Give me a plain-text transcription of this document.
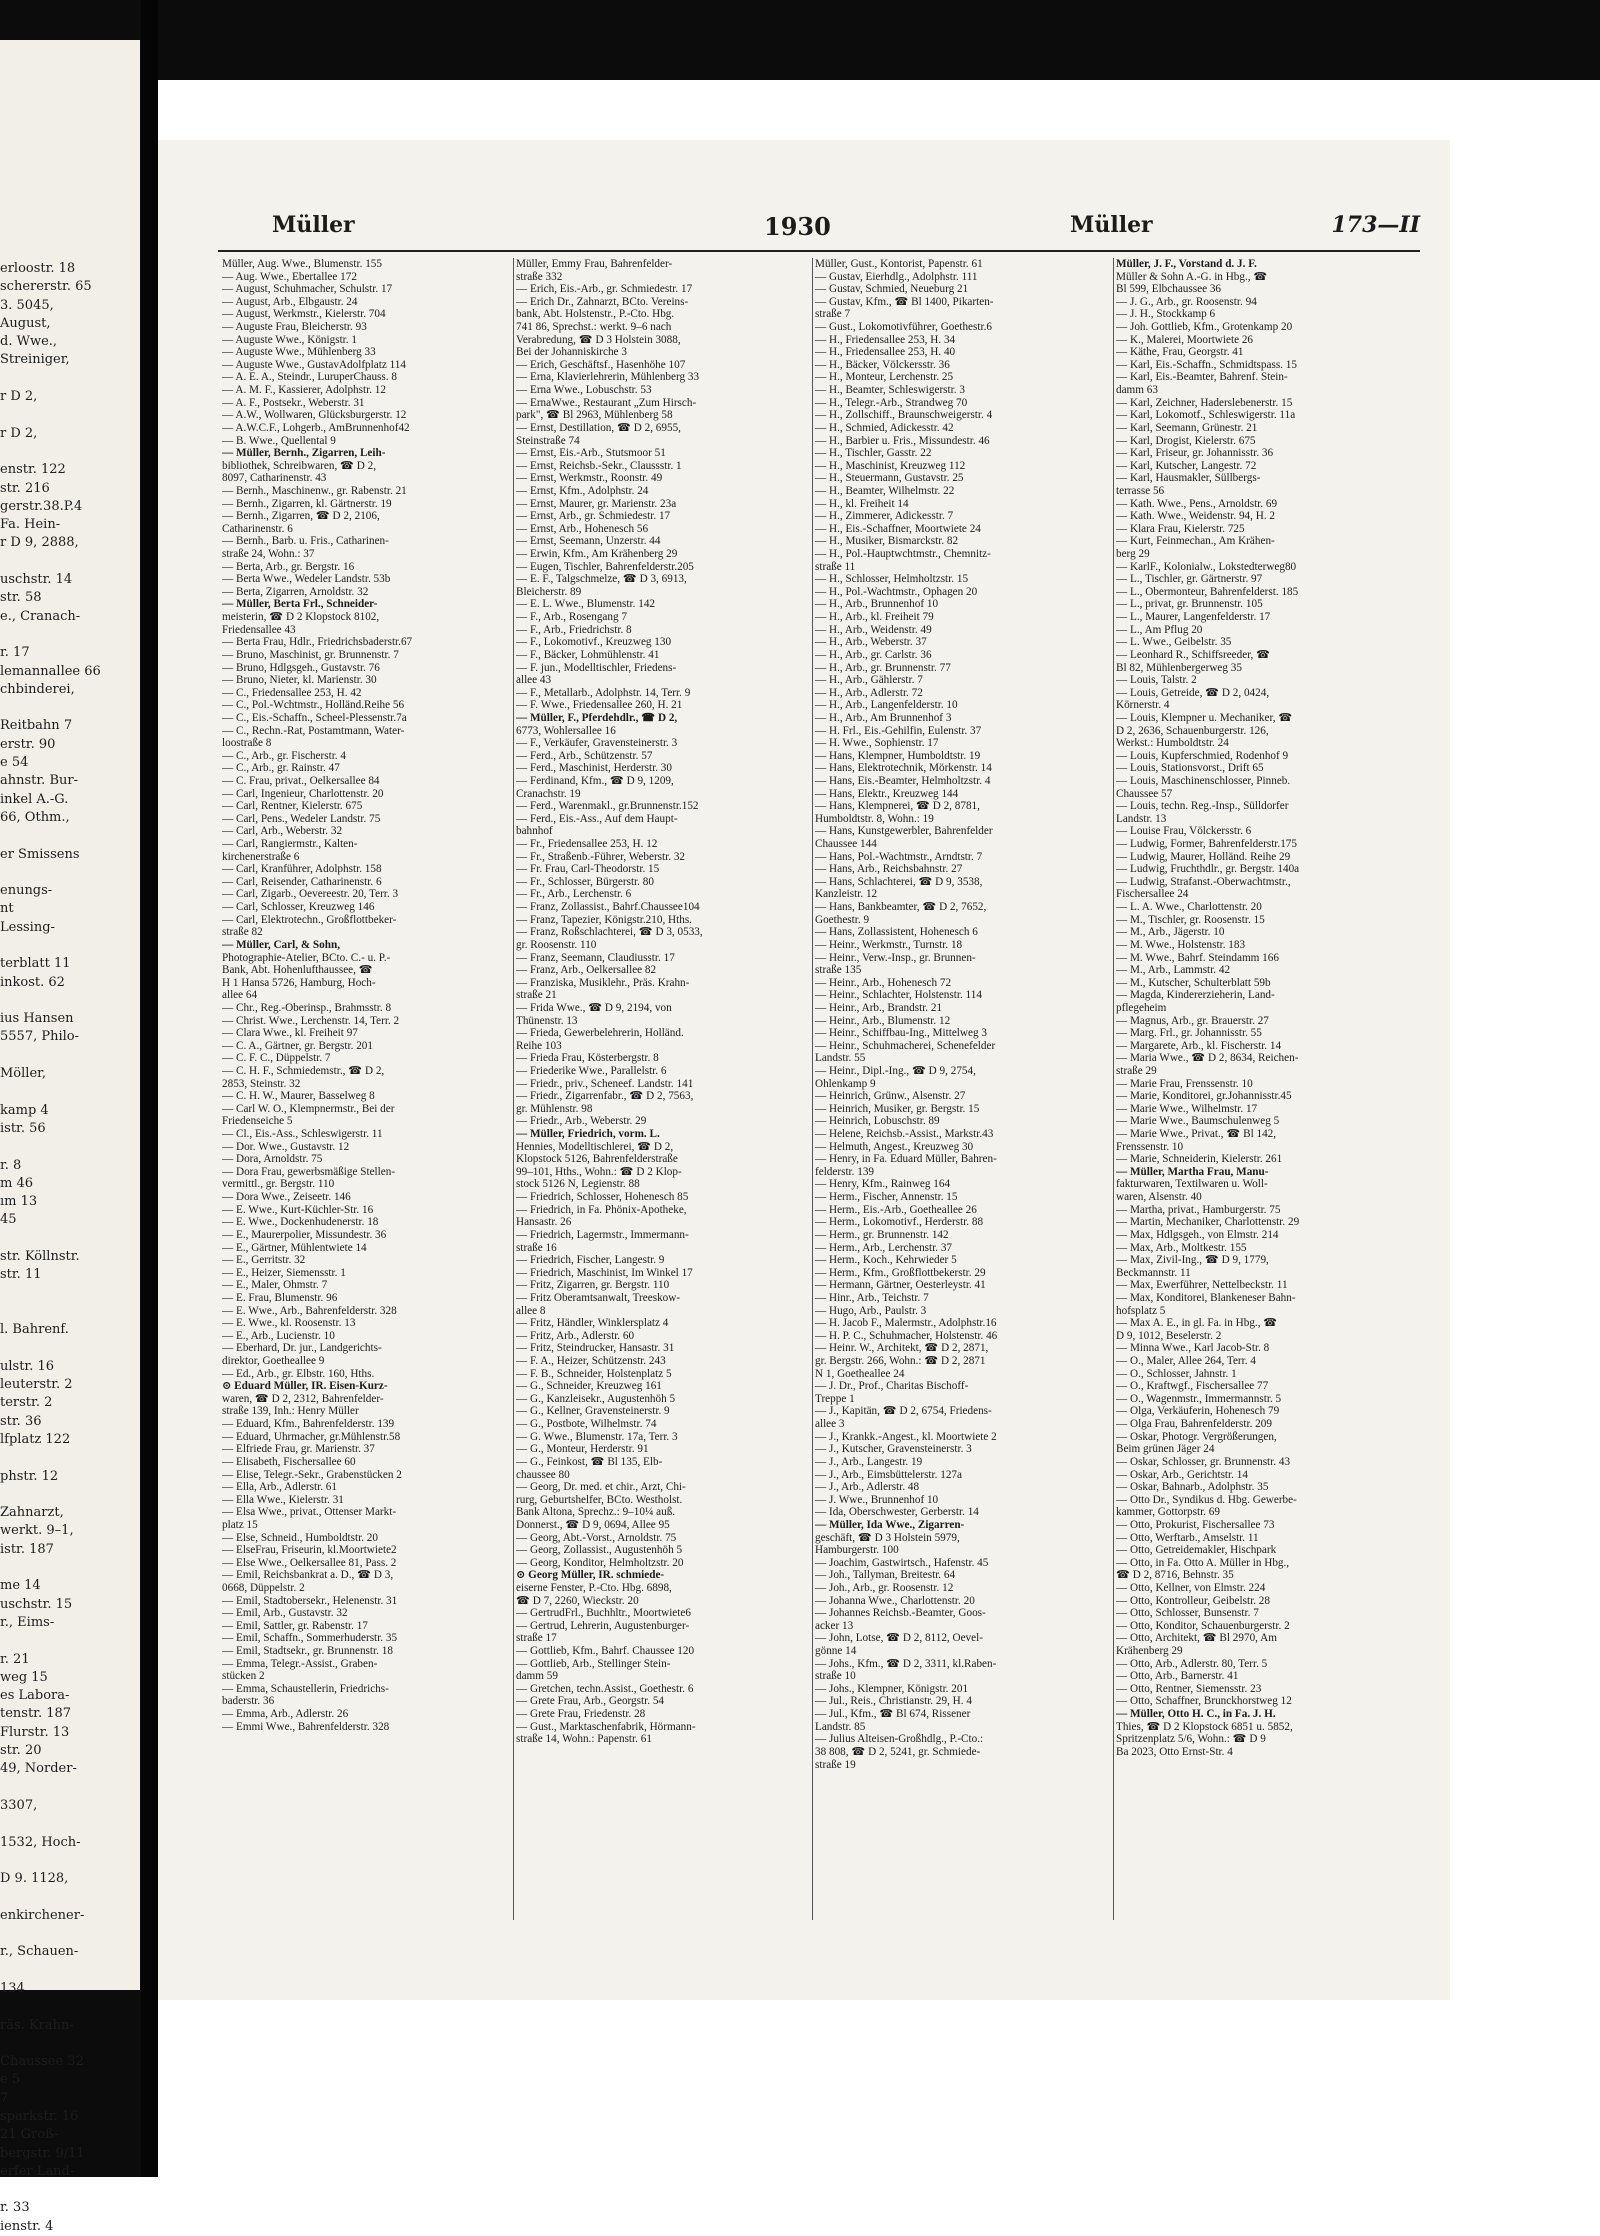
erloostr. 18
schererstr. 65
3. 5045,
August,
d. Wwe.,
Streiniger,
r D 2,
r D 2,
enstr. 122
str. 216
gerstr.38.P.4
Fa. Hein-
r D 9, 2888,
uschstr. 14
str. 58
e., Cranach-
r. 17
lemannallee 66
chbinderei,
Reitbahn 7
erstr. 90
e 54
ahnstr. Bur-
inkel A.-G.
66, Othm.,
er Smissens
enungs-
nt
Lessing-
terblatt 11
inkost. 62
ius Hansen
5557, Philo-
Möller,
kamp 4
istr. 56
r. 8
m 46
ım 13
45
str. Köllnstr.
str. 11
l. Bahrenf.
ulstr. 16
leuterstr. 2
terstr. 2
str. 36
lfplatz 122
phstr. 12
Zahnarzt,
werkt. 9–1,
istr. 187
me 14
uschstr. 15
r., Eims-
r. 21
weg 15
es Labora-
tenstr. 187
Flurstr. 13
str. 20
49, Norder-
3307,
1532, Hoch-
D 9. 1128,
enkirchener-
r., Schauen-
134
räs. Krahn-
Chaussee 32
e 5
7
sparkstr. 16
21 Groß-
bergstr. 9/11
erfer Land-
r. 33
ienstr. 4
Müller	1930	Müller	173—II
Müller, Aug. Wwe., Blumenstr. 155
— Aug. Wwe., Ebertallee 172
— August, Schuhmacher, Schulstr. 17
— August, Arb., Elbgaustr. 24
— August, Werkmstr., Kielerstr. 704
— Auguste Frau, Bleicherstr. 93
— Auguste Wwe., Königstr. 1
— Auguste Wwe., Mühlenberg 33
— Auguste Wwe., GustavAdolfplatz 114
— A. E. A., Steindr., LuruperChauss. 8
— A. M. F., Kassierer, Adolphstr. 12
— A. F., Postsekr., Weberstr. 31
— A.W., Wollwaren, Glücksburgerstr. 12
— A.W.C.F., Lohgerb., AmBrunnenhof42
— B. Wwe., Quellental 9
— Müller, Bernh., Zigarren, Leih-
bibliothek, Schreibwaren, ☎ D 2,
8097, Catharinenstr. 43
— Bernh., Maschinenw., gr. Rabenstr. 21
— Bernh., Zigarren, kl. Gärtnerstr. 19
— Bernh., Zigarren, ☎ D 2, 2106,
Catharinenstr. 6
— Bernh., Barb. u. Fris., Catharinen-
straße 24, Wohn.: 37
— Berta, Arb., gr. Bergstr. 16
— Berta Wwe., Wedeler Landstr. 53b
— Berta, Zigarren, Arnoldstr. 32
— Müller, Berta Frl., Schneider-
meisterin, ☎ D 2 Klopstock 8102,
Friedensallee 43
— Berta Frau, Hdlr., Friedrichsbaderstr.67
— Bruno, Maschinist, gr. Brunnenstr. 7
— Bruno, Hdlgsgeh., Gustavstr. 76
— Bruno, Nieter, kl. Marienstr. 30
— C., Friedensallee 253, H. 42
— C., Pol.-Wchtmstr., Holländ.Reihe 56
— C., Eis.-Schaffn., Scheel-Plessenstr.7a
— C., Rechn.-Rat, Postamtmann, Water-
loostraße 8
— C., Arb., gr. Fischerstr. 4
— C., Arb., gr. Rainstr. 47
— C. Frau, privat., Oelkersallee 84
— Carl, Ingenieur, Charlottenstr. 20
— Carl, Rentner, Kielerstr. 675
— Carl, Pens., Wedeler Landstr. 75
— Carl, Arb., Weberstr. 32
— Carl, Rangiermstr., Kalten-
kirchenerstraße 6
— Carl, Kranführer, Adolphstr. 158
— Carl, Reisender, Catharinenstr. 6
— Carl, Zigarb., Oevereestr. 20, Terr. 3
— Carl, Schlosser, Kreuzweg 146
— Carl, Elektrotechn., Großflottbeker-
straße 82
— Müller, Carl, & Sohn,
Photographie-Atelier, BCto. C.- u. P.-
Bank, Abt. Hohenlufthaussee, ☎
H 1 Hansa 5726, Hamburg, Hoch-
allee 64
— Chr., Reg.-Oberinsp., Brahmsstr. 8
— Christ. Wwe., Lerchenstr. 14, Terr. 2
— Clara Wwe., kl. Freiheit 97
— C. A., Gärtner, gr. Bergstr. 201
— C. F. C., Düppelstr. 7
— C. H. F., Schmiedemstr., ☎ D 2,
2853, Steinstr. 32
— C. H. W., Maurer, Basselweg 8
— Carl W. O., Klempnermstr., Bei der
Friedenseiche 5
— Cl., Eis.-Ass., Schleswigerstr. 11
— Dor. Wwe., Gustavstr. 12
— Dora, Arnoldstr. 75
— Dora Frau, gewerbsmäßige Stellen-
vermittl., gr. Bergstr. 110
— Dora Wwe., Zeiseetr. 146
— E. Wwe., Kurt-Küchler-Str. 16
— E. Wwe., Dockenhudenerstr. 18
— E., Maurerpolier, Missundestr. 36
— E., Gärtner, Mühlentwiete 14
— E., Gerritstr. 32
— E., Heizer, Siemensstr. 1
— E., Maler, Ohmstr. 7
— E. Frau, Blumenstr. 96
— E. Wwe., Arb., Bahrenfelderstr. 328
— E. Wwe., kl. Roosenstr. 13
— E., Arb., Lucienstr. 10
— Eberhard, Dr. jur., Landgerichts-
direktor, Goetheallee 9
— Ed., Arb., gr. Elbstr. 160, Hths.
⊙ Eduard Müller, IR. Eisen-Kurz-
waren, ☎ D 2, 2312, Bahrenfelder-
straße 139, Inh.: Henry Müller
— Eduard, Kfm., Bahrenfelderstr. 139
— Eduard, Uhrmacher, gr.Mühlenstr.58
— Elfriede Frau, gr. Marienstr. 37
— Elisabeth, Fischersallee 60
— Elise, Telegr.-Sekr., Grabenstücken 2
— Ella, Arb., Adlerstr. 61
— Ella Wwe., Kielerstr. 31
— Elsa Wwe., privat., Ottenser Markt-
platz 15
— Else, Schneid., Humboldtstr. 20
— ElseFrau, Friseurin, kl.Moortwiete2
— Else Wwe., Oelkersallee 81, Pass. 2
— Emil, Reichsbankrat a. D., ☎ D 3,
0668, Düppelstr. 2
— Emil, Stadtobersekr., Helenenstr. 31
— Emil, Arb., Gustavstr. 32
— Emil, Sattler, gr. Rabenstr. 17
— Emil, Schaffn., Sommerhuderstr. 35
— Emil, Stadtsekr., gr. Brunnenstr. 18
— Emma, Telegr.-Assist., Graben-
stücken 2
— Emma, Schaustellerin, Friedrichs-
baderstr. 36
— Emma, Arb., Adlerstr. 26
— Emmi Wwe., Bahrenfelderstr. 328
Müller, Emmy Frau, Bahrenfelder-
straße 332
— Erich, Eis.-Arb., gr. Schmiedestr. 17
— Erich Dr., Zahnarzt, BCto. Vereins-
bank, Abt. Holstenstr., P.-Cto. Hbg.
741 86, Sprechst.: werkt. 9–6 nach
Verabredung, ☎ D 3 Holstein 3088,
Bei der Johanniskirche 3
— Erich, Geschäftsf., Hasenhöhe 107
— Erna, Klavierlehrerin, Mühlenberg 33
— Erna Wwe., Lobuschstr. 53
— ErnaWwe., Restaurant „Zum Hirsch-
park", ☎ Bl 2963, Mühlenberg 58
— Ernst, Destillation, ☎ D 2, 6955,
Steinstraße 74
— Ernst, Eis.-Arb., Stutsmoor 51
— Ernst, Reichsb.-Sekr., Claussstr. 1
— Ernst, Werkmstr., Roonstr. 49
— Ernst, Kfm., Adolphstr. 24
— Ernst, Maurer, gr. Marienstr. 23a
— Ernst, Arb., gr. Schmiedestr. 17
— Ernst, Arb., Hohenesch 56
— Ernst, Seemann, Unzerstr. 44
— Erwin, Kfm., Am Krähenberg 29
— Eugen, Tischler, Bahrenfelderstr.205
— E. F., Talgschmelze, ☎ D 3, 6913,
Bleicherstr. 89
— E. L. Wwe., Blumenstr. 142
— F., Arb., Rosengang 7
— F., Arb., Friedrichstr. 8
— F., Lokomotivf., Kreuzweg 130
— F., Bäcker, Lohmühlenstr. 41
— F. jun., Modelltischler, Friedens-
allee 43
— F., Metallarb., Adolphstr. 14, Terr. 9
— F. Wwe., Friedensallee 260, H. 21
— Müller, F., Pferdehdlr., ☎ D 2,
6773, Wohlersallee 16
— F., Verkäufer, Gravensteinerstr. 3
— Ferd., Arb., Schützenstr. 57
— Ferd., Maschinist, Herderstr. 30
— Ferdinand, Kfm., ☎ D 9, 1209,
Cranachstr. 19
— Ferd., Warenmakl., gr.Brunnenstr.152
— Ferd., Eis.-Ass., Auf dem Haupt-
bahnhof
— Fr., Friedensallee 253, H. 12
— Fr., Straßenb.-Führer, Weberstr. 32
— Fr. Frau, Carl-Theodorstr. 15
— Fr., Schlosser, Bürgerstr. 80
— Fr., Arb., Lerchenstr. 6
— Franz, Zollassist., Bahrf.Chaussee104
— Franz, Tapezier, Königstr.210, Hths.
— Franz, Roßschlachterei, ☎ D 3, 0533,
gr. Roosenstr. 110
— Franz, Seemann, Claudiusstr. 17
— Franz, Arb., Oelkersallee 82
— Franziska, Musiklehr., Präs. Krahn-
straße 21
— Frida Wwe., ☎ D 9, 2194, von
Thünenstr. 13
— Frieda, Gewerbelehrerin, Holländ.
Reihe 103
— Frieda Frau, Kösterbergstr. 8
— Friederike Wwe., Parallelstr. 6
— Friedr., priv., Scheneef. Landstr. 141
— Friedr., Zigarrenfabr., ☎ D 2, 7563,
gr. Mühlenstr. 98
— Friedr., Arb., Weberstr. 29
— Müller, Friedrich, vorm. L.
Hennies, Modelltischlerei, ☎ D 2,
Klopstock 5126, Bahrenfelderstraße
99–101, Hths., Wohn.: ☎ D 2 Klop-
stock 5126 N, Legienstr. 88
— Friedrich, Schlosser, Hohenesch 85
— Friedrich, in Fa. Phönix-Apotheke,
Hansastr. 26
— Friedrich, Lagermstr., Immermann-
straße 16
— Friedrich, Fischer, Langestr. 9
— Friedrich, Maschinist, Im Winkel 17
— Fritz, Zigarren, gr. Bergstr. 110
— Fritz Oberamtsanwalt, Treeskow-
allee 8
— Fritz, Händler, Winklersplatz 4
— Fritz, Arb., Adlerstr. 60
— Fritz, Steindrucker, Hansastr. 31
— F. A., Heizer, Schützenstr. 243
— F. B., Schneider, Holstenplatz 5
— G., Schneider, Kreuzweg 161
— G., Kanzleisekr., Augustenhöh 5
— G., Kellner, Gravensteinerstr. 9
— G., Postbote, Wilhelmstr. 74
— G. Wwe., Blumenstr. 17a, Terr. 3
— G., Monteur, Herderstr. 91
— G., Feinkost, ☎ Bl 135, Elb-
chaussee 80
— Georg, Dr. med. et chir., Arzt, Chi-
rurg, Geburtshelfer, BCto. Westholst.
Bank Altona, Sprechz.: 9–10¼ auß.
Donnerst., ☎ D 9, 0694, Allee 95
— Georg, Abt.-Vorst., Arnoldstr. 75
— Georg, Zollassist., Augustenhöh 5
— Georg, Konditor, Helmholtzstr. 20
⊙ Georg Müller, IR. schmiede-
eiserne Fenster, P.-Cto. Hbg. 6898,
☎ D 7, 2260, Wieckstr. 20
— GertrudFrl., Buchhltr., Moortwiete6
— Gertrud, Lehrerin, Augustenburger-
straße 17
— Gottlieb, Kfm., Bahrf. Chaussee 120
— Gottlieb, Arb., Stellinger Stein-
damm 59
— Gretchen, techn.Assist., Goethestr. 6
— Grete Frau, Arb., Georgstr. 54
— Grete Frau, Friedenstr. 28
— Gust., Marktaschenfabrik, Hörmann-
straße 14, Wohn.: Papenstr. 61
Müller, Gust., Kontorist, Papenstr. 61
— Gustav, Eierhdlg., Adolphstr. 111
— Gustav, Schmied, Neueburg 21
— Gustav, Kfm., ☎ Bl 1400, Pikarten-
straße 7
— Gust., Lokomotivführer, Goethestr.6
— H., Friedensallee 253, H. 34
— H., Friedensallee 253, H. 40
— H., Bäcker, Völckersstr. 36
— H., Monteur, Lerchenstr. 25
— H., Beamter, Schleswigerstr. 3
— H., Telegr.-Arb., Strandweg 70
— H., Zollschiff., Braunschweigerstr. 4
— H., Schmied, Adickesstr. 42
— H., Barbier u. Fris., Missundestr. 46
— H., Tischler, Gasstr. 22
— H., Maschinist, Kreuzweg 112
— H., Steuermann, Gustavstr. 25
— H., Beamter, Wilhelmstr. 22
— H., kl. Freiheit 14
— H., Zimmerer, Adickesstr. 7
— H., Eis.-Schaffner, Moortwiete 24
— H., Musiker, Bismarckstr. 82
— H., Pol.-Hauptwchtmstr., Chemnitz-
straße 11
— H., Schlosser, Helmholtzstr. 15
— H., Pol.-Wachtmstr., Ophagen 20
— H., Arb., Brunnenhof 10
— H., Arb., kl. Freiheit 79
— H., Arb., Weidenstr. 49
— H., Arb., Weberstr. 37
— H., Arb., gr. Carlstr. 36
— H., Arb., gr. Brunnenstr. 77
— H., Arb., Gählerstr. 7
— H., Arb., Adlerstr. 72
— H., Arb., Langenfelderstr. 10
— H., Arb., Am Brunnenhof 3
— H. Frl., Eis.-Gehilfin, Eulenstr. 37
— H. Wwe., Sophienstr. 17
— Hans, Klempner, Humboldtstr. 19
— Hans, Elektrotechnik, Mörkenstr. 14
— Hans, Eis.-Beamter, Helmholtzstr. 4
— Hans, Elektr., Kreuzweg 144
— Hans, Klempnerei, ☎ D 2, 8781,
Humboldtstr. 8, Wohn.: 19
— Hans, Kunstgewerbler, Bahrenfelder
Chaussee 144
— Hans, Pol.-Wachtmstr., Arndtstr. 7
— Hans, Arb., Reichsbahnstr. 27
— Hans, Schlachterei, ☎ D 9, 3538,
Kanzleistr. 12
— Hans, Bankbeamter, ☎ D 2, 7652,
Goethestr. 9
— Hans, Zollassistent, Hohenesch 6
— Heinr., Werkmstr., Turnstr. 18
— Heinr., Verw.-Insp., gr. Brunnen-
straße 135
— Heinr., Arb., Hohenesch 72
— Heinr., Schlachter, Holstenstr. 114
— Heinr., Arb., Brandstr. 21
— Heinr., Arb., Blumenstr. 12
— Heinr., Schiffbau-Ing., Mittelweg 3
— Heinr., Schuhmacherei, Schenefelder
Landstr. 55
— Heinr., Dipl.-Ing., ☎ D 9, 2754,
Ohlenkamp 9
— Heinrich, Grünw., Alsenstr. 27
— Heinrich, Musiker, gr. Bergstr. 15
— Heinrich, Lobuschstr. 89
— Helene, Reichsb.-Assist., Markstr.43
— Helmuth, Angest., Kreuzweg 30
— Henry, in Fa. Eduard Müller, Bahren-
felderstr. 139
— Henry, Kfm., Rainweg 164
— Herm., Fischer, Annenstr. 15
— Herm., Eis.-Arb., Goetheallee 26
— Herm., Lokomotivf., Herderstr. 88
— Herm., gr. Brunnenstr. 142
— Herm., Arb., Lerchenstr. 37
— Herm., Koch., Kehrwieder 5
— Herm., Kfm., Großflottbekerstr. 29
— Hermann, Gärtner, Oesterleystr. 41
— Hinr., Arb., Teichstr. 7
— Hugo, Arb., Paulstr. 3
— H. Jacob F., Malermstr., Adolphstr.16
— H. P. C., Schuhmacher, Holstenstr. 46
— Heinr. W., Architekt, ☎ D 2, 2871,
gr. Bergstr. 266, Wohn.: ☎ D 2, 2871
N 1, Goetheallee 24
— J. Dr., Prof., Charitas Bischoff-
Treppe 1
— J., Kapitän, ☎ D 2, 6754, Friedens-
allee 3
— J., Krankk.-Angest., kl. Moortwiete 2
— J., Kutscher, Gravensteinerstr. 3
— J., Arb., Langestr. 19
— J., Arb., Eimsbüttelerstr. 127a
— J., Arb., Adlerstr. 48
— J. Wwe., Brunnenhof 10
— Ida, Oberschwester, Gerberstr. 14
— Müller, Ida Wwe., Zigarren-
geschäft, ☎ D 3 Holstein 5979,
Hamburgerstr. 100
— Joachim, Gastwirtsch., Hafenstr. 45
— Joh., Tallyman, Breitestr. 64
— Joh., Arb., gr. Roosenstr. 12
— Johanna Wwe., Charlottenstr. 20
— Johannes Reichsb.-Beamter, Goos-
acker 13
— John, Lotse, ☎ D 2, 8112, Oevel-
gönne 14
— Johs., Kfm., ☎ D 2, 3311, kl.Raben-
straße 10
— Johs., Klempner, Königstr. 201
— Jul., Reis., Christianstr. 29, H. 4
— Jul., Kfm., ☎ Bl 674, Rissener
Landstr. 85
— Julius Alteisen-Großhdlg., P.-Cto.:
38 808, ☎ D 2, 5241, gr. Schmiede-
straße 19
Müller, J. F., Vorstand d. J. F.
Müller & Sohn A.-G. in Hbg., ☎
Bl 599, Elbchaussee 36
— J. G., Arb., gr. Roosenstr. 94
— J. H., Stockkamp 6
— Joh. Gottlieb, Kfm., Grotenkamp 20
— K., Malerei, Moortwiete 26
— Käthe, Frau, Georgstr. 41
— Karl, Eis.-Schaffn., Schmidtspass. 15
— Karl, Eis.-Beamter, Bahrenf. Stein-
damm 63
— Karl, Zeichner, Haderslebenerstr. 15
— Karl, Lokomotf., Schleswigerstr. 11a
— Karl, Seemann, Grünestr. 21
— Karl, Drogist, Kielerstr. 675
— Karl, Friseur, gr. Johannisstr. 36
— Karl, Kutscher, Langestr. 72
— Karl, Hausmakler, Süllbergs-
terrasse 56
— Kath. Wwe., Pens., Arnoldstr. 69
— Kath. Wwe., Weidenstr. 94, H. 2
— Klara Frau, Kielerstr. 725
— Kurt, Feinmechan., Am Krähen-
berg 29
— KarlF., Kolonialw., Lokstedterweg80
— L., Tischler, gr. Gärtnerstr. 97
— L., Obermonteur, Bahrenfelderst. 185
— L., privat, gr. Brunnenstr. 105
— L., Maurer, Langenfelderstr. 17
— L., Am Pflug 20
— L. Wwe., Geibelstr. 35
— Leonhard R., Schiffsreeder, ☎
Bl 82, Mühlenbergerweg 35
— Louis, Talstr. 2
— Louis, Getreide, ☎ D 2, 0424,
Körnerstr. 4
— Louis, Klempner u. Mechaniker, ☎
D 2, 2636, Schauenburgerstr. 126,
Werkst.: Humboldtstr. 24
— Louis, Kupferschmied, Rodenhof 9
— Louis, Stationsvorst., Drift 65
— Louis, Maschinenschlosser, Pinneb.
Chaussee 57
— Louis, techn. Reg.-Insp., Sülldorfer
Landstr. 13
— Louise Frau, Völckersstr. 6
— Ludwig, Former, Bahrenfelderstr.175
— Ludwig, Maurer, Holländ. Reihe 29
— Ludwig, Fruchthdlr., gr. Bergstr. 140a
— Ludwig, Strafanst.-Oberwachtmstr.,
Fischersallee 24
— L. A. Wwe., Charlottenstr. 20
— M., Tischler, gr. Roosenstr. 15
— M., Arb., Jägerstr. 10
— M. Wwe., Holstenstr. 183
— M. Wwe., Bahrf. Steindamm 166
— M., Arb., Lammstr. 42
— M., Kutscher, Schulterblatt 59b
— Magda, Kindererzieherin, Land-
pflegeheim
— Magnus, Arb., gr. Brauerstr. 27
— Marg. Frl., gr. Johannisstr. 55
— Margarete, Arb., kl. Fischerstr. 14
— Maria Wwe., ☎ D 2, 8634, Reichen-
straße 29
— Marie Frau, Frenssenstr. 10
— Marie, Konditorei, gr.Johannisstr.45
— Marie Wwe., Wilhelmstr. 17
— Marie Wwe., Baumschulenweg 5
— Marie Wwe., Privat., ☎ Bl 142,
Frenssenstr. 10
— Marie, Schneiderin, Kielerstr. 261
— Müller, Martha Frau, Manu-
fakturwaren, Textilwaren u. Woll-
waren, Alsenstr. 40
— Martha, privat., Hamburgerstr. 75
— Martin, Mechaniker, Charlottenstr. 29
— Max, Hdlgsgeh., von Elmstr. 214
— Max, Arb., Moltkestr. 155
— Max, Zivil-Ing., ☎ D 9, 1779,
Beckmannstr. 11
— Max, Ewerführer, Nettelbeckstr. 11
— Max, Konditorei, Blankeneser Bahn-
hofsplatz 5
— Max A. E., in gl. Fa. in Hbg., ☎
D 9, 1012, Beselerstr. 2
— Minna Wwe., Karl Jacob-Str. 8
— O., Maler, Allee 264, Terr. 4
— O., Schlosser, Jahnstr. 1
— O., Kraftwgf., Fischersallee 77
— O., Wagenmstr., Immermannstr. 5
— Olga, Verkäuferin, Hohenesch 79
— Olga Frau, Bahrenfelderstr. 209
— Oskar, Photogr. Vergrößerungen,
Beim grünen Jäger 24
— Oskar, Schlosser, gr. Brunnenstr. 43
— Oskar, Arb., Gerichtstr. 14
— Oskar, Bahnarb., Adolphstr. 35
— Otto Dr., Syndikus d. Hbg. Gewerbe-
kammer, Gottorpstr. 69
— Otto, Prokurist, Fischersallee 73
— Otto, Werftarb., Amselstr. 11
— Otto, Getreidemakler, Hischpark
— Otto, in Fa. Otto A. Müller in Hbg.,
☎ D 2, 8716, Behnstr. 35
— Otto, Kellner, von Elmstr. 224
— Otto, Kontrolleur, Geibelstr. 28
— Otto, Schlosser, Bunsenstr. 7
— Otto, Konditor, Schauenburgerstr. 2
— Otto, Architekt, ☎ Bl 2970, Am
Krähenberg 29
— Otto, Arb., Adlerstr. 80, Terr. 5
— Otto, Arb., Barnerstr. 41
— Otto, Rentner, Siemensstr. 23
— Otto, Schaffner, Brunckhorstweg 12
— Müller, Otto H. C., in Fa. J. H.
Thies, ☎ D 2 Klopstock 6851 u. 5852,
Spritzenplatz 5/6, Wohn.: ☎ D 9
Ba 2023, Otto Ernst-Str. 4
